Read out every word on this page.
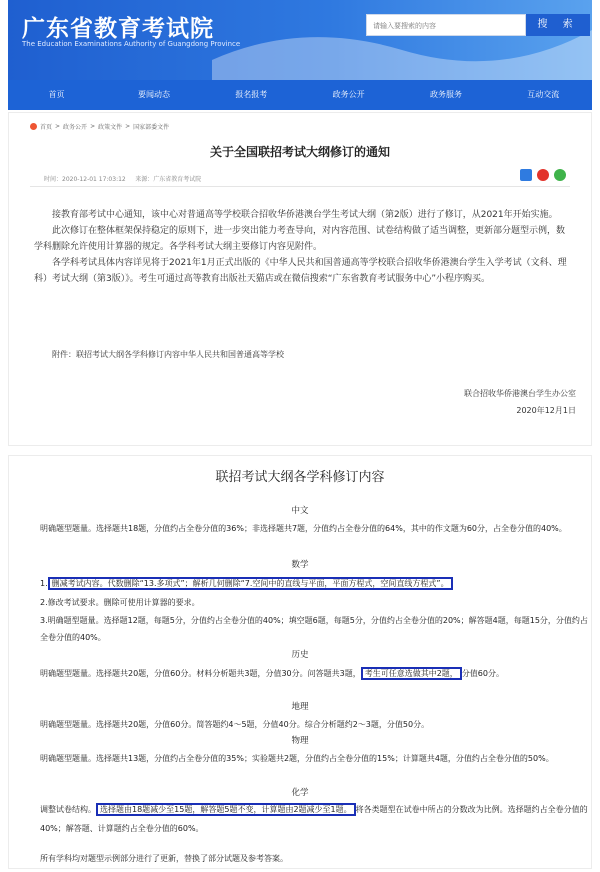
广东省教育考试院
The Education Examinations Authority of Guangdong Province
请输入要搜索的内容	搜 索
首页	要闻动态	报名报考	政务公开	政务服务	互动交流
首页 > 政务公开 > 政策文件 > 国家部委文件
关于全国联招考试大纲修订的通知
时间：2020-12-01 17:03:12 来源：广东省教育考试院

接教育部考试中心通知，该中心对普通高等学校联合招收华侨港澳台学生考试大纲（第2版）进行了修订，从2021年开始实施。

此次修订在整体框架保持稳定的原则下，进一步突出能力考查导向，对内容范围、试卷结构做了适当调整，更新部分题型示例，数学科删除允许使用计算器的规定。各学科考试大纲主要修订内容见附件。

各学科考试具体内容详见将于2021年1月正式出版的《中华人民共和国普通高等学校联合招收华侨港澳台学生入学考试（文科、理科）考试大纲（第3版）》。考生可通过高等教育出版社天猫店或在微信搜索“广东省教育考试服务中心”小程序购买。

附件：联招考试大纲各学科修订内容中华人民共和国普通高等学校
联合招收华侨港澳台学生办公室
2020年12月1日
联招考试大纲各学科修订内容
中文
明确题型题量。选择题共18题，分值约占全卷分值的36%；非选择题共7题，分值约占全卷分值的64%，其中的作文题为60分，占全卷分值的40%。
数学
1. 删减考试内容。代数删除“13.多项式”；解析几何删除“7.空间中的直线与平面，平面方程式，空间直线方程式”。
2.修改考试要求。删除可使用计算器的要求。
3.明确题型题量。选择题12题，每题5分，分值约占全卷分值的40%；填空题6题，每题5分，分值约占全卷分值的20%；解答题4题，每题15分，分值约占全卷分值的40%。
历史
明确题型题量。选择题共20题，分值60分。材料分析题共3题，分值30分。问答题共3题， 考生可任意选做其中2题， 分值60分。
地理
明确题型题量。选择题共20题，分值60分。简答题约4～5题，分值40分。综合分析题约2～3题，分值50分。
物理
明确题型题量。选择题共13题，分值约占全卷分值的35%；实验题共2题，分值约占全卷分值的15%；计算题共4题，分值约占全卷分值的50%。
化学
调整试卷结构。 选择题由18题减少至15题，解答题5题不变，计算题由2题减少至1题。 将各类题型在试卷中所占的分数改为比例。选择题约占全卷分值的40%；解答题、计算题约占全卷分值的60%。
所有学科均对题型示例部分进行了更新，替换了部分试题及参考答案。
